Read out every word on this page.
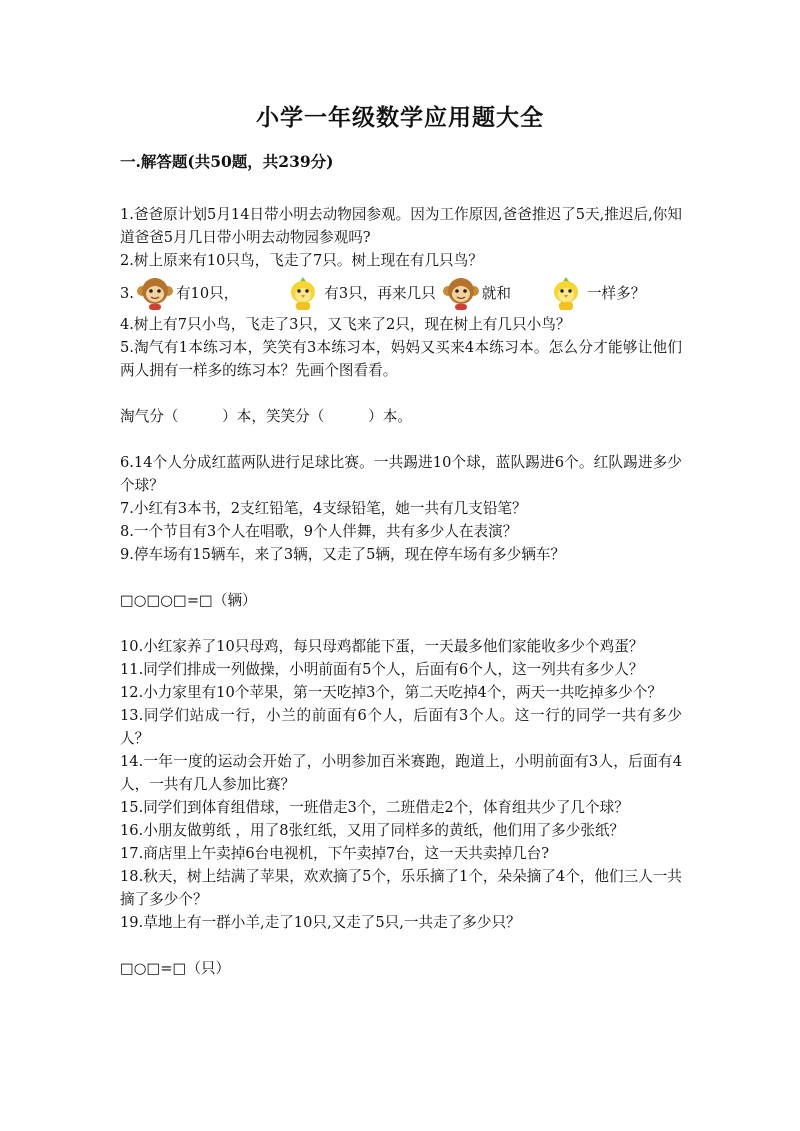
小学一年级数学应用题大全
一.解答题(共50题，共239分)

1.爸爸原计划5月14日带小明去动物园参观。因为工作原因,爸爸推迟了5天,推迟后,你知道爸爸5月几日带小明去动物园参观吗?

2.树上原来有10只鸟，飞走了7只。树上现在有几只鸟？

3.	有10只，	有3只，再来几只	就和	一样多？

4.树上有7只小鸟，飞走了3只，又飞来了2只，现在树上有几只小鸟？

5.淘气有1本练习本，笑笑有3本练习本，妈妈又买来4本练习本。怎么分才能够让他们两人拥有一样多的练习本？先画个图看看。

淘气分（　　　）本，笑笑分（　　　）本。

6.14个人分成红蓝两队进行足球比赛。一共踢进10个球，蓝队踢进6个。红队踢进多少个球？

7.小红有3本书，2支红铅笔，4支绿铅笔，她一共有几支铅笔？

8.一个节目有3个人在唱歌，9个人伴舞，共有多少人在表演？

9.停车场有15辆车，来了3辆，又走了5辆，现在停车场有多少辆车？

□○□○□=□（辆）

10.小红家养了10只母鸡，每只母鸡都能下蛋，一天最多他们家能收多少个鸡蛋？

11.同学们排成一列做操，小明前面有5个人，后面有6个人，这一列共有多少人？

12.小力家里有10个苹果，第一天吃掉3个，第二天吃掉4个，两天一共吃掉多少个？

13.同学们站成一行，小兰的前面有6个人，后面有3个人。这一行的同学一共有多少人？

14.一年一度的运动会开始了，小明参加百米赛跑，跑道上，小明前面有3人，后面有4人，一共有几人参加比赛？

15.同学们到体育组借球，一班借走3个，二班借走2个，体育组共少了几个球？

16.小朋友做剪纸 ，用了8张红纸，又用了同样多的黄纸，他们用了多少张纸？

17.商店里上午卖掉6台电视机，下午卖掉7台，这一天共卖掉几台?

18.秋天，树上结满了苹果，欢欢摘了5个，乐乐摘了1个，朵朵摘了4个，他们三人一共摘了多少个？

19.草地上有一群小羊,走了10只,又走了5只,一共走了多少只？

□○□=□（只）
